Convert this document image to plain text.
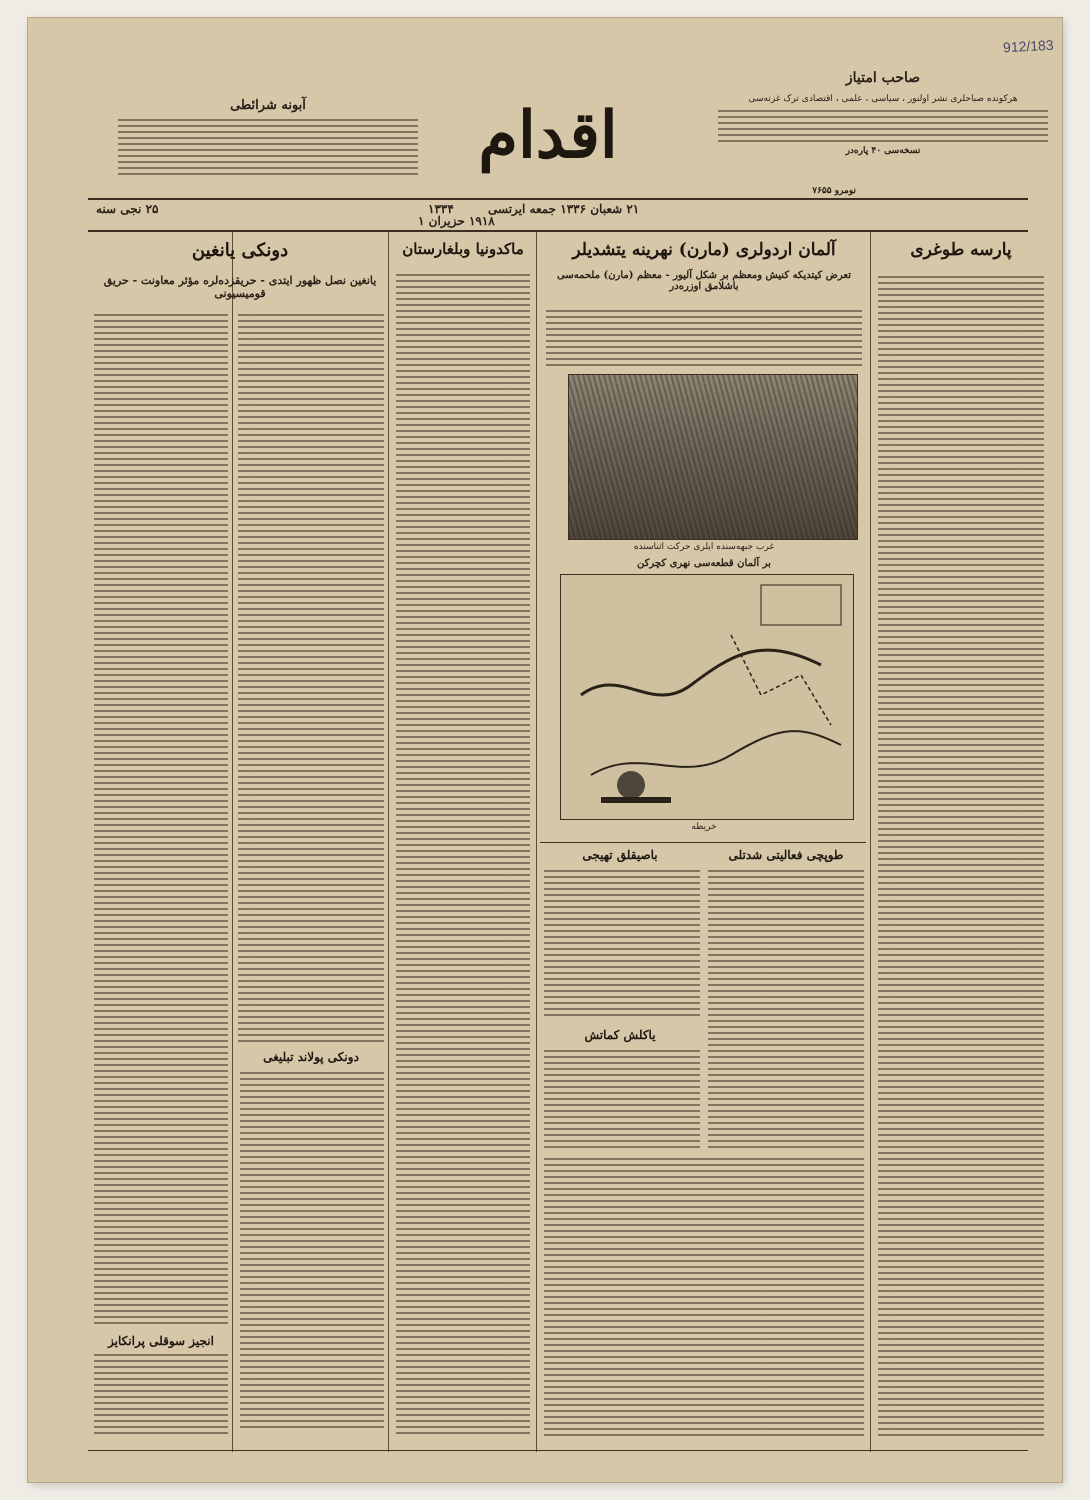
912/183
صاحب امتیاز
هرکونده صباحلری نشر اولنور ، سیاسی ، علمی ، اقتصادی ترک غزته‌سی
نسخه‌سی ۴۰ پاره‌در
اقدام
آبونه شرائطی
نومرو ۷۶۵۵
۲۵ نجی سنه	۱۳۳۴
۱۹۱۸ حزیران ۱
۲۱ شعبان ۱۳۳۶ جمعه ایرتسی
پارسه طوغری
آلمان اردولری (مارن) نهرینه یتشدیلر
تعرض کیتدیکه کنیش ومعظم بر شکل آلیور - معظم (مارن) ملحمه‌سی باشلامق اوزره‌در
غرب جبهه‌سنده ایلری حرکت اثناسنده
بر آلمان قطعه‌سی نهری کچرکن
خریطه
طوپچی فعالیتی شدتلی
باصیقلق تهیجی
یاکلش کماتش
ماکدونیا وبلغارستان
دونکی یانغین
یانغین نصل ظهور ایتدی - حریقزده‌لره مؤثر معاونت - حریق قومیسیونی
دونکی پولاند تبلیغی
انجیز سوقلی پرانکایز
